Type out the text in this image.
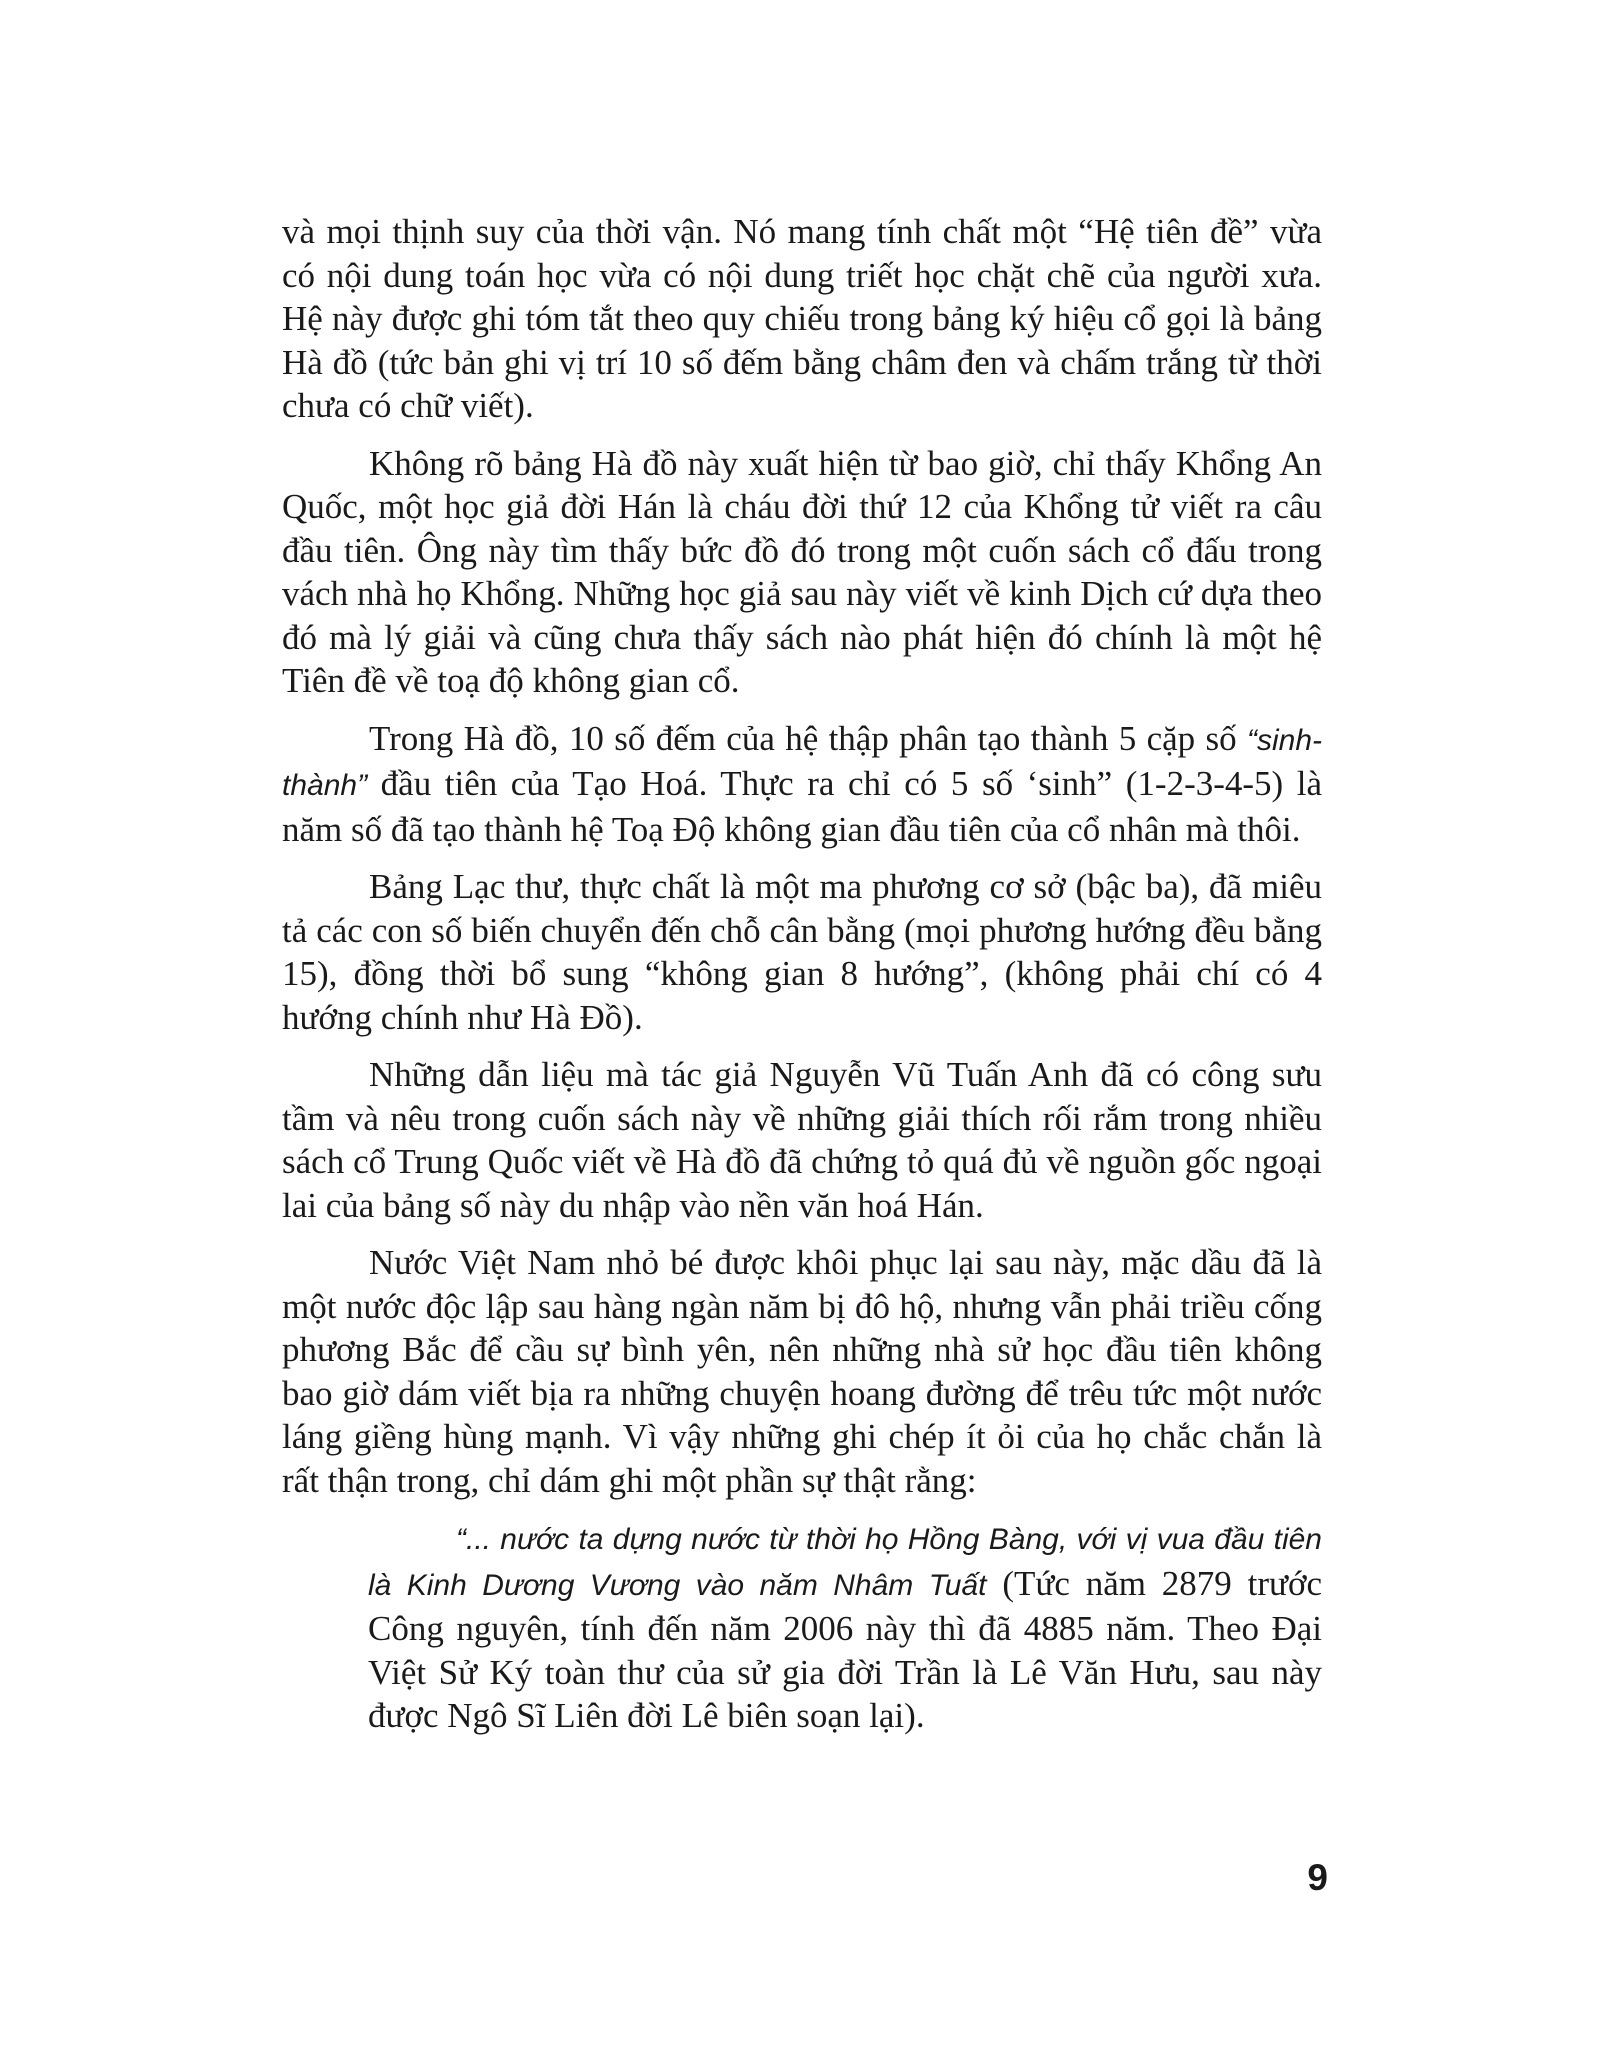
và mọi thịnh suy của thời vận. Nó mang tính chất một “Hệ tiên đề” vừa có nội dung toán học vừa có nội dung triết học chặt chẽ của người xưa. Hệ này được ghi tóm tắt theo quy chiếu trong bảng ký hiệu cổ gọi là bảng Hà đồ (tức bản ghi vị trí 10 số đếm bằng châm đen và chấm trắng từ thời chưa có chữ viết).

Không rõ bảng Hà đồ này xuất hiện từ bao giờ, chỉ thấy Khổng An Quốc, một học giả đời Hán là cháu đời thứ 12 của Khổng tử viết ra câu đầu tiên. Ông này tìm thấy bức đồ đó trong một cuốn sách cổ đấu trong vách nhà họ Khổng. Những học giả sau này viết về kinh Dịch cứ dựa theo đó mà lý giải và cũng chưa thấy sách nào phát hiện đó chính là một hệ Tiên đề về toạ độ không gian cổ.

Trong Hà đồ, 10 số đếm của hệ thập phân tạo thành 5 cặp số “sinh-thành” đầu tiên của Tạo Hoá. Thực ra chỉ có 5 số ‘sinh” (1-2-3-4-5) là năm số đã tạo thành hệ Toạ Độ không gian đầu tiên của cổ nhân mà thôi.

Bảng Lạc thư, thực chất là một ma phương cơ sở (bậc ba), đã miêu tả các con số biến chuyển đến chỗ cân bằng (mọi phương hướng đều bằng 15), đồng thời bổ sung “không gian 8 hướng”, (không phải chí có 4 hướng chính như Hà Đồ).

Những dẫn liệu mà tác giả Nguyễn Vũ Tuấn Anh đã có công sưu tầm và nêu trong cuốn sách này về những giải thích rối rắm trong nhiều sách cổ Trung Quốc viết về Hà đồ đã chứng tỏ quá đủ về nguồn gốc ngoại lai của bảng số này du nhập vào nền văn hoá Hán.

Nước Việt Nam nhỏ bé được khôi phục lại sau này, mặc dầu đã là một nước độc lập sau hàng ngàn năm bị đô hộ, nhưng vẫn phải triều cống phương Bắc để cầu sự bình yên, nên những nhà sử học đầu tiên không bao giờ dám viết bịa ra những chuyện hoang đường để trêu tức một nước láng giềng hùng mạnh. Vì vậy những ghi chép ít ỏi của họ chắc chắn là rất thận trong, chỉ dám ghi một phần sự thật rằng:

“... nước ta dựng nước từ thời họ Hồng Bàng, với vị vua đầu tiên là Kinh Dương Vương vào năm Nhâm Tuất (Tức năm 2879 trước Công nguyên, tính đến năm 2006 này thì đã 4885 năm. Theo Đại Việt Sử Ký toàn thư của sử gia đời Trần là Lê Văn Hưu, sau này được Ngô Sĩ Liên đời Lê biên soạn lại).
9
